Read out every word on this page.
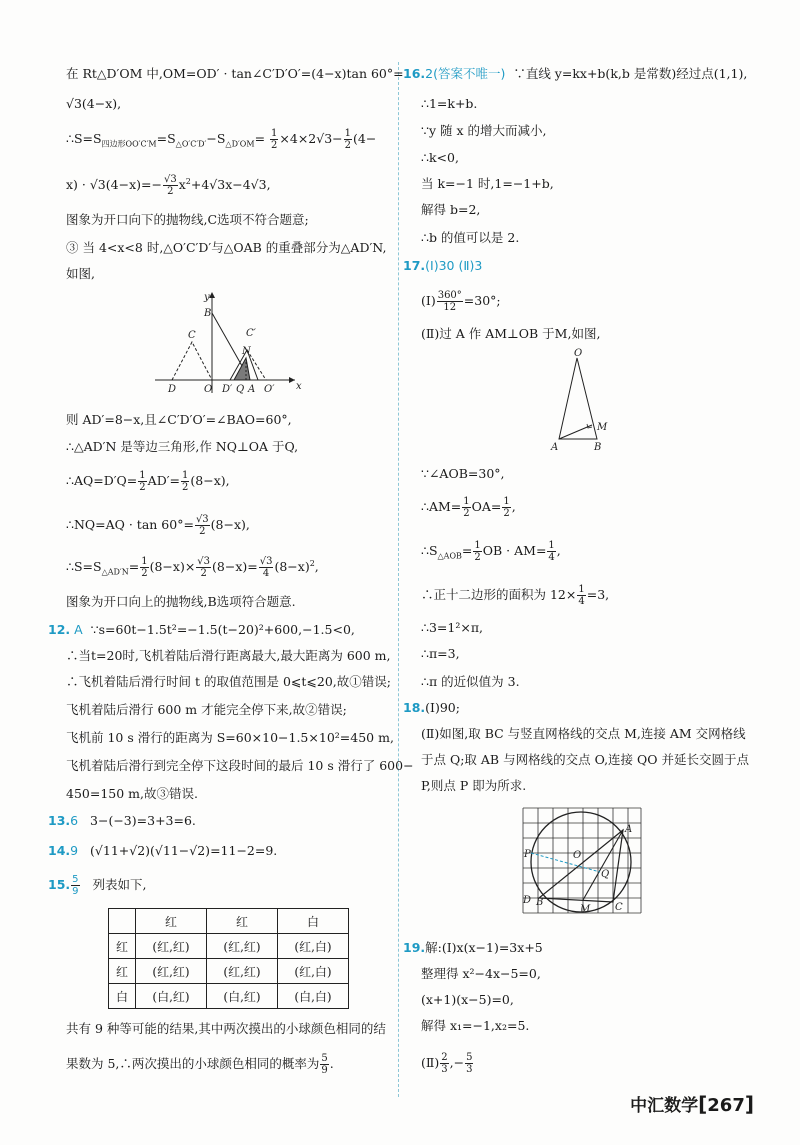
在 Rt△D′OM 中,OM=OD′ · tan∠C′D′O′=(4−x)tan 60°=
√3(4−x),
$\therefore S=S_{四边形OO'C'M}=S_{\triangle O'C'D'}-S_{\triangle D'OM}= \frac{1}{2} \times 4\times 2√3- \frac{1}{2} (4-$
$x) \cdot √3(4-x)=- \frac{√3}{2} x^2+4√3x-4√3$,
图象为开口向下的抛物线,C选项不符合题意;
③ 当 4<x<8 时,△O′C′D′与△OAB 的重叠部分为△AD′N,
如图,
y
B
C	C′
N
D	O D′ Q A O′ x
则 AD′=8−x,且∠C′D′O′=∠BAO=60°,
∴△AD′N 是等边三角形,作 NQ⊥OA 于Q,
∴AQ=D′Q= $\frac{1}{2} AD'= \frac{1}{2} (8-x)$,
∴NQ=AQ · $\tan 60^\circ= \frac{√3}{2} (8-x)$,
$\therefore S=S_{\triangle AD'N}= \frac{1}{2} (8-x)\times \frac{√3}{2} (8-x)= \frac{√3}{4} (8-x)^2$,
图象为开口向上的抛物线,B选项符合题意.
12. A ∵s=60t−1.5t²=−1.5(t−20)²+600,−1.5<0,
∴当t=20时,飞机着陆后滑行距离最大,最大距离为 600 m,
∴飞机着陆后滑行时间 t 的取值范围是 0⩽t⩽20,故①错误;
飞机着陆后滑行 600 m 才能完全停下来,故②错误;
飞机前 10 s 滑行的距离为 S=60×10−1.5×10²=450 m,
飞机着陆后滑行到完全停下这段时间的最后 10 s 滑行了 600−
450=150 m,故③错误.
13.6 3−(−3)=3+3=6.
14.9 (√11+√2)(√11−√2)=11−2=9.
15. $\frac{5}{9}$ 列表如下,
	红	红	白
红	(红,红)	(红,红)	(红,白)
红	(红,红)	(红,红)	(红,白)
白	(白,红)	(白,红)	(白,白)
共有 9 种等可能的结果,其中两次摸出的小球颜色相同的结
果数为 5,∴两次摸出的小球颜色相同的概率为 $\frac{5}{9}$ .
16.2(答案不唯一) ∵直线 y=kx+b(k,b 是常数)经过点(1,1),
∴1=k+b.
∵y 随 x 的增大而减小,
∴k<0,
当 k=−1 时,1=−1+b,
解得 b=2,
∴b 的值可以是 2.
17.(Ⅰ)30 (Ⅱ)3
(Ⅰ) $\frac{360^\circ}{12} =30^\circ$;
(Ⅱ)过 A 作 AM⊥OB 于M,如图,
O
M
A	B
∵∠AOB=30°,
∴AM= $\frac{1}{2} OA= \frac{1}{2}$ ,
$\therefore S_{\triangle AOB}= \frac{1}{2}$ OB · $AM= \frac{1}{4}$ ,
∴正十二边形的面积为 $12\times \frac{1}{4} =3$,
∴3=1²×π,
∴π=3,
∴π 的近似值为 3.
18.(Ⅰ)90;
(Ⅱ)如图,取 BC 与竖直网格线的交点 M,连接 AM 交网格线
于点 Q;取 AB 与网格线的交点 O,连接 QO 并延长交圆于点
P,则点 P 即为所求.
A
P	O
Q
D B
M C
19.解:(Ⅰ)x(x−1)=3x+5
整理得 x²−4x−5=0,
(x+1)(x−5)=0,
解得 x₁=−1,x₂=5.
(Ⅱ) $\frac{2}{3}$ ,− $\frac{5}{3}$
中汇数学[267]
